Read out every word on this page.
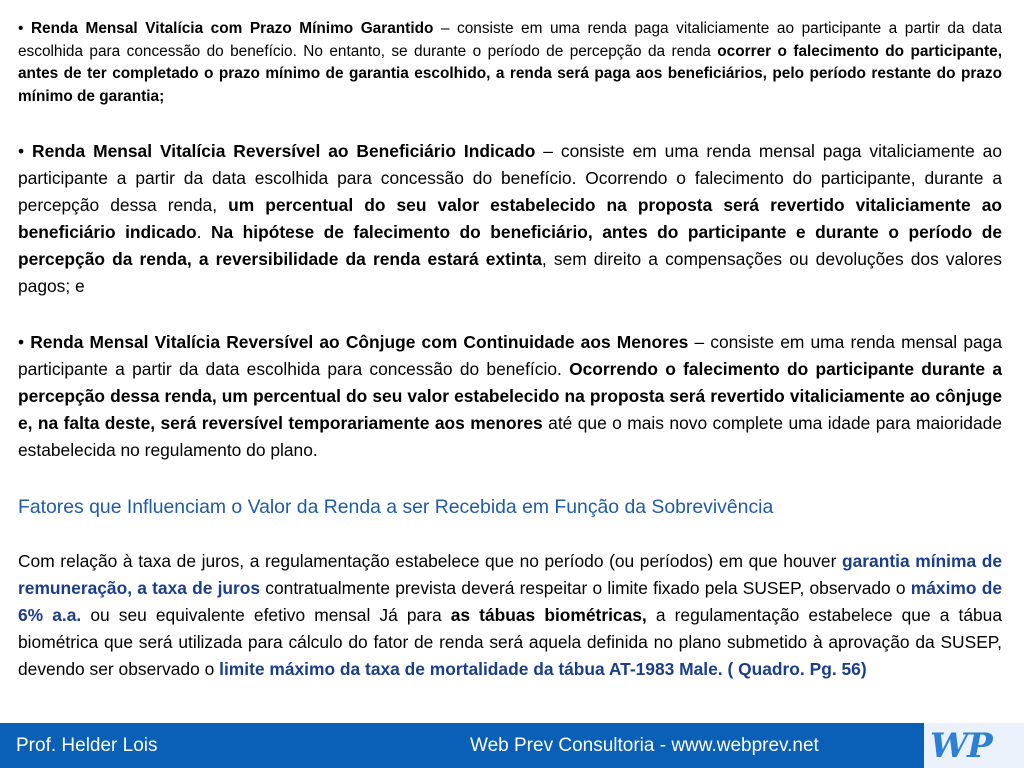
• Renda Mensal Vitalícia com Prazo Mínimo Garantido – consiste em uma renda paga vitaliciamente ao participante a partir da data escolhida para concessão do benefício. No entanto, se durante o período de percepção da renda ocorrer o falecimento do participante, antes de ter completado o prazo mínimo de garantia escolhido, a renda será paga aos beneficiários, pelo período restante do prazo mínimo de garantia;

• Renda Mensal Vitalícia Reversível ao Beneficiário Indicado – consiste em uma renda mensal paga vitaliciamente ao participante a partir da data escolhida para concessão do benefício. Ocorrendo o falecimento do participante, durante a percepção dessa renda, um percentual do seu valor estabelecido na proposta será revertido vitaliciamente ao beneficiário indicado. Na hipótese de falecimento do beneficiário, antes do participante e durante o período de percepção da renda, a reversibilidade da renda estará extinta, sem direito a compensações ou devoluções dos valores pagos; e

• Renda Mensal Vitalícia Reversível ao Cônjuge com Continuidade aos Menores – consiste em uma renda mensal paga participante a partir da data escolhida para concessão do benefício. Ocorrendo o falecimento do participante durante a percepção dessa renda, um percentual do seu valor estabelecido na proposta será revertido vitaliciamente ao cônjuge e, na falta deste, será reversível temporariamente aos menores até que o mais novo complete uma idade para maioridade estabelecida no regulamento do plano.

Fatores que Influenciam o Valor da Renda a ser Recebida em Função da Sobrevivência

Com relação à taxa de juros, a regulamentação estabelece que no período (ou períodos) em que houver garantia mínima de remuneração, a taxa de juros contratualmente prevista deverá respeitar o limite fixado pela SUSEP, observado o máximo de 6% a.a. ou seu equivalente efetivo mensal Já para as tábuas biométricas, a regulamentação estabelece que a tábua biométrica que será utilizada para cálculo do fator de renda será aquela definida no plano submetido à aprovação da SUSEP, devendo ser observado o limite máximo da taxa de mortalidade da tábua AT-1983 Male. ( Quadro. Pg. 56)

Prof. Helder Lois	Web Prev Consultoria - www.webprev.net	WP
